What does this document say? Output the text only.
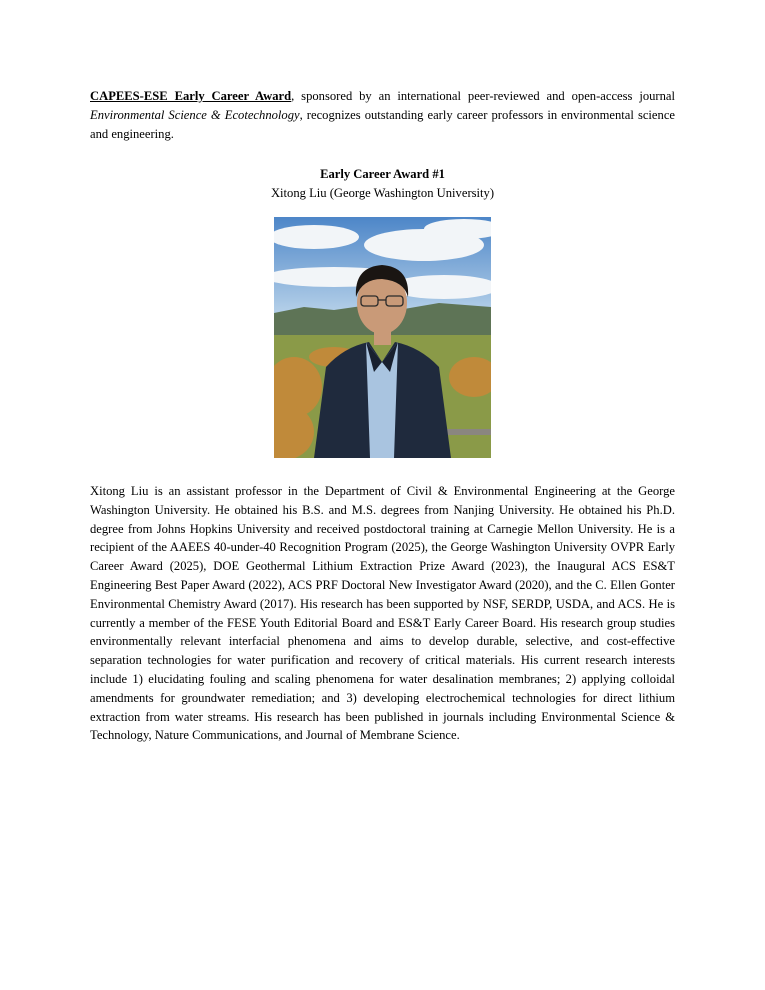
CAPEES-ESE Early Career Award, sponsored by an international peer-reviewed and open-access journal Environmental Science & Ecotechnology, recognizes outstanding early career professors in environmental science and engineering.

Early Career Award #1
Xitong Liu (George Washington University)

Xitong Liu is an assistant professor in the Department of Civil & Environmental Engineering at the George Washington University. He obtained his B.S. and M.S. degrees from Nanjing University. He obtained his Ph.D. degree from Johns Hopkins University and received postdoctoral training at Carnegie Mellon University. He is a recipient of the AAEES 40-under-40 Recognition Program (2025), the George Washington University OVPR Early Career Award (2025), DOE Geothermal Lithium Extraction Prize Award (2023), the Inaugural ACS ES&T Engineering Best Paper Award (2022), ACS PRF Doctoral New Investigator Award (2020), and the C. Ellen Gonter Environmental Chemistry Award (2017). His research has been supported by NSF, SERDP, USDA, and ACS. He is currently a member of the FESE Youth Editorial Board and ES&T Early Career Board. His research group studies environmentally relevant interfacial phenomena and aims to develop durable, selective, and cost-effective separation technologies for water purification and recovery of critical materials. His current research interests include 1) elucidating fouling and scaling phenomena for water desalination membranes; 2) applying colloidal amendments for groundwater remediation; and 3) developing electrochemical technologies for direct lithium extraction from water streams. His research has been published in journals including Environmental Science & Technology, Nature Communications, and Journal of Membrane Science.
